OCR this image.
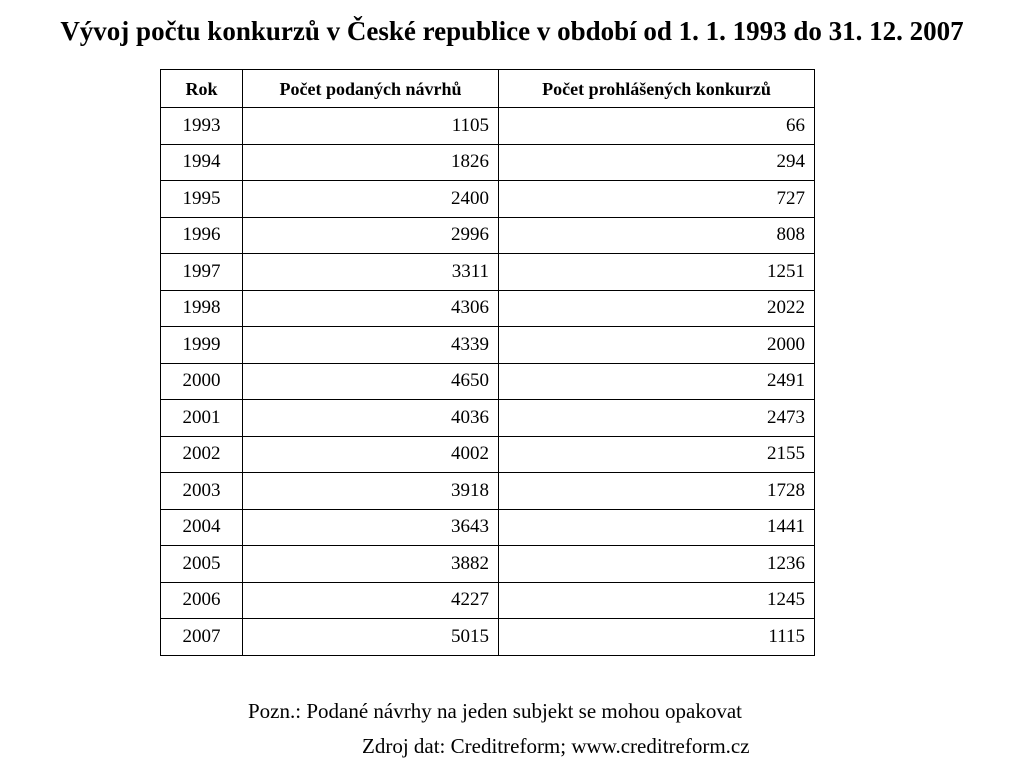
Vývoj počtu konkurzů v České republice v období od 1. 1. 1993 do 31. 12. 2007
Rok	Počet podaných návrhů	Počet prohlášených konkurzů
1993	1105	66
1994	1826	294
1995	2400	727
1996	2996	808
1997	3311	1251
1998	4306	2022
1999	4339	2000
2000	4650	2491
2001	4036	2473
2002	4002	2155
2003	3918	1728
2004	3643	1441
2005	3882	1236
2006	4227	1245
2007	5015	1115
Pozn.: Podané návrhy na jeden subjekt se mohou opakovat
Zdroj dat: Creditreform; www.creditreform.cz
